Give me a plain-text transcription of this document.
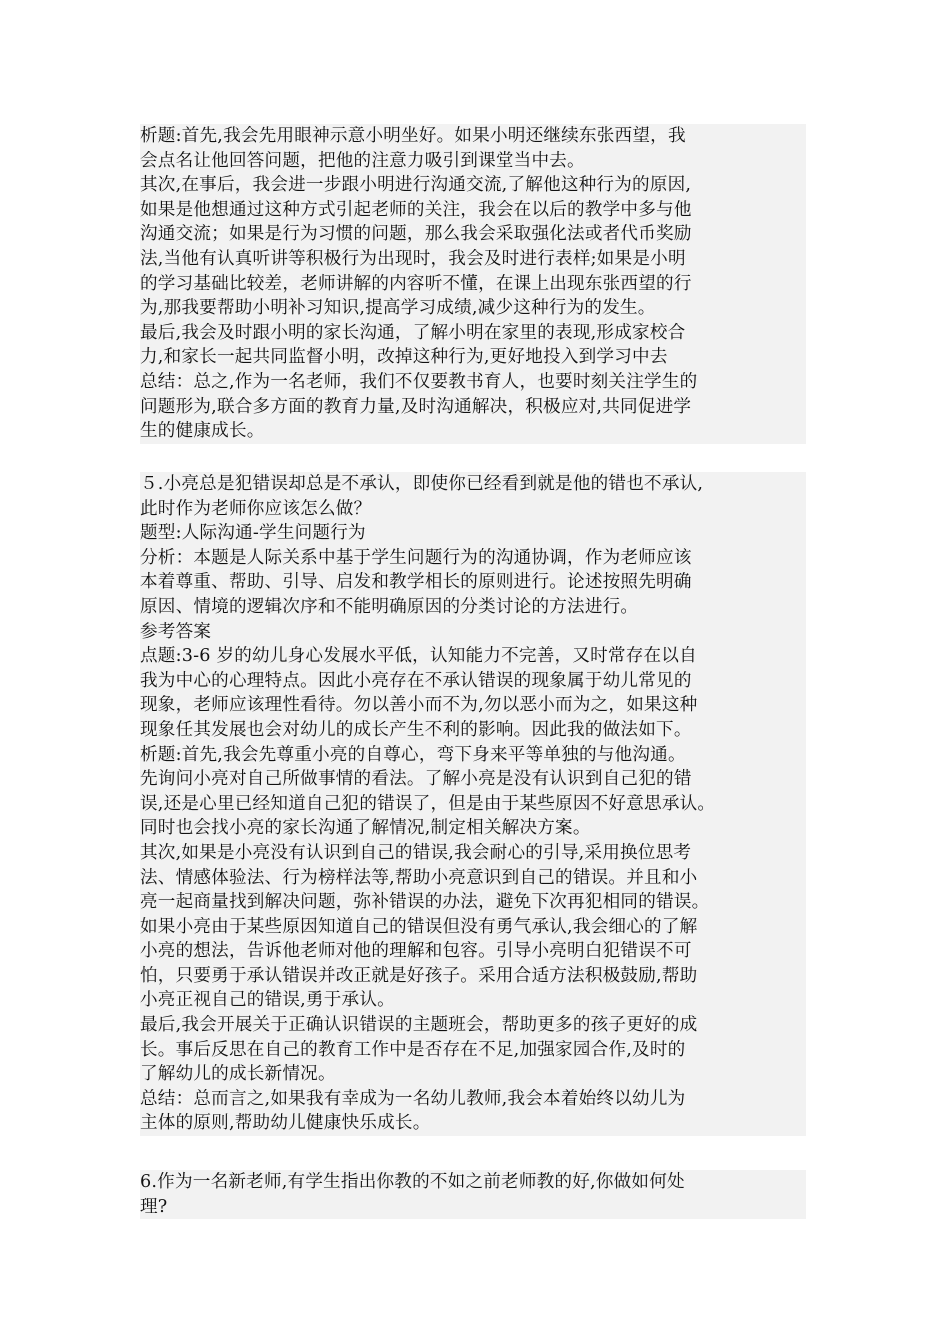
析题:首先,我会先用眼神示意小明坐好。如果小明还继续东张西望，我
会点名让他回答问题，把他的注意力吸引到课堂当中去。
其次,在事后，我会进一步跟小明进行沟通交流,了解他这种行为的原因,
如果是他想通过这种方式引起老师的关注，我会在以后的教学中多与他
沟通交流；如果是行为习惯的问题，那么我会采取强化法或者代币奖励
法,当他有认真听讲等积极行为出现时，我会及时进行表样;如果是小明
的学习基础比较差，老师讲解的内容听不懂，在课上出现东张西望的行
为,那我要帮助小明补习知识,提高学习成绩,减少这种行为的发生。
最后,我会及时跟小明的家长沟通，了解小明在家里的表现,形成家校合
力,和家长一起共同监督小明，改掉这种行为,更好地投入到学习中去
总结：总之,作为一名老师，我们不仅要教书育人，也要时刻关注学生的
问题形为,联合多方面的教育力量,及时沟通解决，积极应对,共同促进学
生的健康成长。
５.小亮总是犯错误却总是不承认，即使你已经看到就是他的错也不承认,
此时作为老师你应该怎么做？
题型:人际沟通-学生问题行为
分析：本题是人际关系中基于学生问题行为的沟通协调，作为老师应该
本着尊重、帮助、引导、启发和教学相长的原则进行。论述按照先明确
原因、情境的逻辑次序和不能明确原因的分类讨论的方法进行。
参考答案
点题:3-6 岁的幼儿身心发展水平低，认知能力不完善，又时常存在以自
我为中心的心理特点。因此小亮存在不承认错误的现象属于幼儿常见的
现象，老师应该理性看待。勿以善小而不为,勿以恶小而为之，如果这种
现象任其发展也会对幼儿的成长产生不利的影响。因此我的做法如下。
析题:首先,我会先尊重小亮的自尊心，弯下身来平等单独的与他沟通。
先询问小亮对自己所做事情的看法。了解小亮是没有认识到自己犯的错
误,还是心里已经知道自己犯的错误了，但是由于某些原因不好意思承认。
同时也会找小亮的家长沟通了解情况,制定相关解决方案。
其次,如果是小亮没有认识到自己的错误,我会耐心的引导,采用换位思考
法、情感体验法、行为榜样法等,帮助小亮意识到自己的错误。并且和小
亮一起商量找到解决问题，弥补错误的办法，避免下次再犯相同的错误。
如果小亮由于某些原因知道自己的错误但没有勇气承认,我会细心的了解
小亮的想法，告诉他老师对他的理解和包容。引导小亮明白犯错误不可
怕，只要勇于承认错误并改正就是好孩子。采用合适方法积极鼓励,帮助
小亮正视自己的错误,勇于承认。
最后,我会开展关于正确认识错误的主题班会，帮助更多的孩子更好的成
长。事后反思在自己的教育工作中是否存在不足,加强家园合作,及时的
了解幼儿的成长新情况。
总结：总而言之,如果我有幸成为一名幼儿教师,我会本着始终以幼儿为
主体的原则,帮助幼儿健康快乐成长。
6.作为一名新老师,有学生指出你教的不如之前老师教的好,你做如何处
理?
